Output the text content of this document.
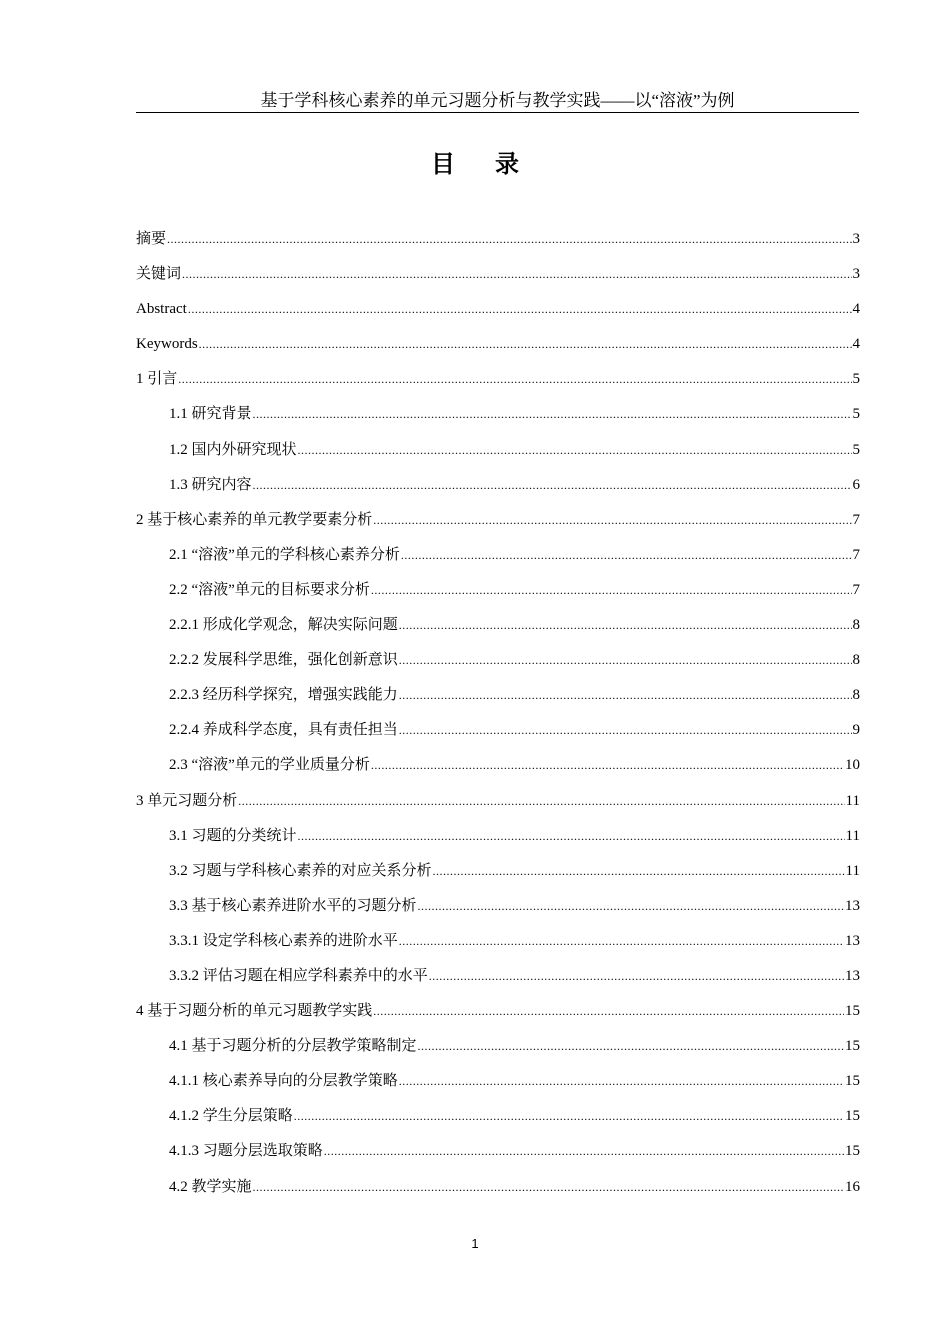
基于学科核心素养的单元习题分析与教学实践——以“溶液”为例
目录
摘要 .....	3
关键词 .....	3
Abstract .....	4
Keywords .....	4
1 引言 .....	5
1.1 研究背景 .....	5
1.2 国内外研究现状 .....	5
1.3 研究内容 .....	6
2 基于核心素养的单元教学要素分析 .....	7
2.1 “溶液”单元的学科核心素养分析 .....	7
2.2 “溶液”单元的目标要求分析 .....	7
2.2.1 形成化学观念，解决实际问题 .....	8
2.2.2 发展科学思维，强化创新意识 .....	8
2.2.3 经历科学探究，增强实践能力 .....	8
2.2.4 养成科学态度，具有责任担当 .....	9
2.3 “溶液”单元的学业质量分析 .....	10
3 单元习题分析 .....	11
3.1 习题的分类统计 .....	11
3.2 习题与学科核心素养的对应关系分析 .....	11
3.3 基于核心素养进阶水平的习题分析 .....	13
3.3.1 设定学科核心素养的进阶水平 .....	13
3.3.2 评估习题在相应学科素养中的水平 .....	13
4 基于习题分析的单元习题教学实践 .....	15
4.1 基于习题分析的分层教学策略制定 .....	15
4.1.1 核心素养导向的分层教学策略 .....	15
4.1.2 学生分层策略 .....	15
4.1.3 习题分层选取策略 .....	15
4.2 教学实施 .....	16
1
